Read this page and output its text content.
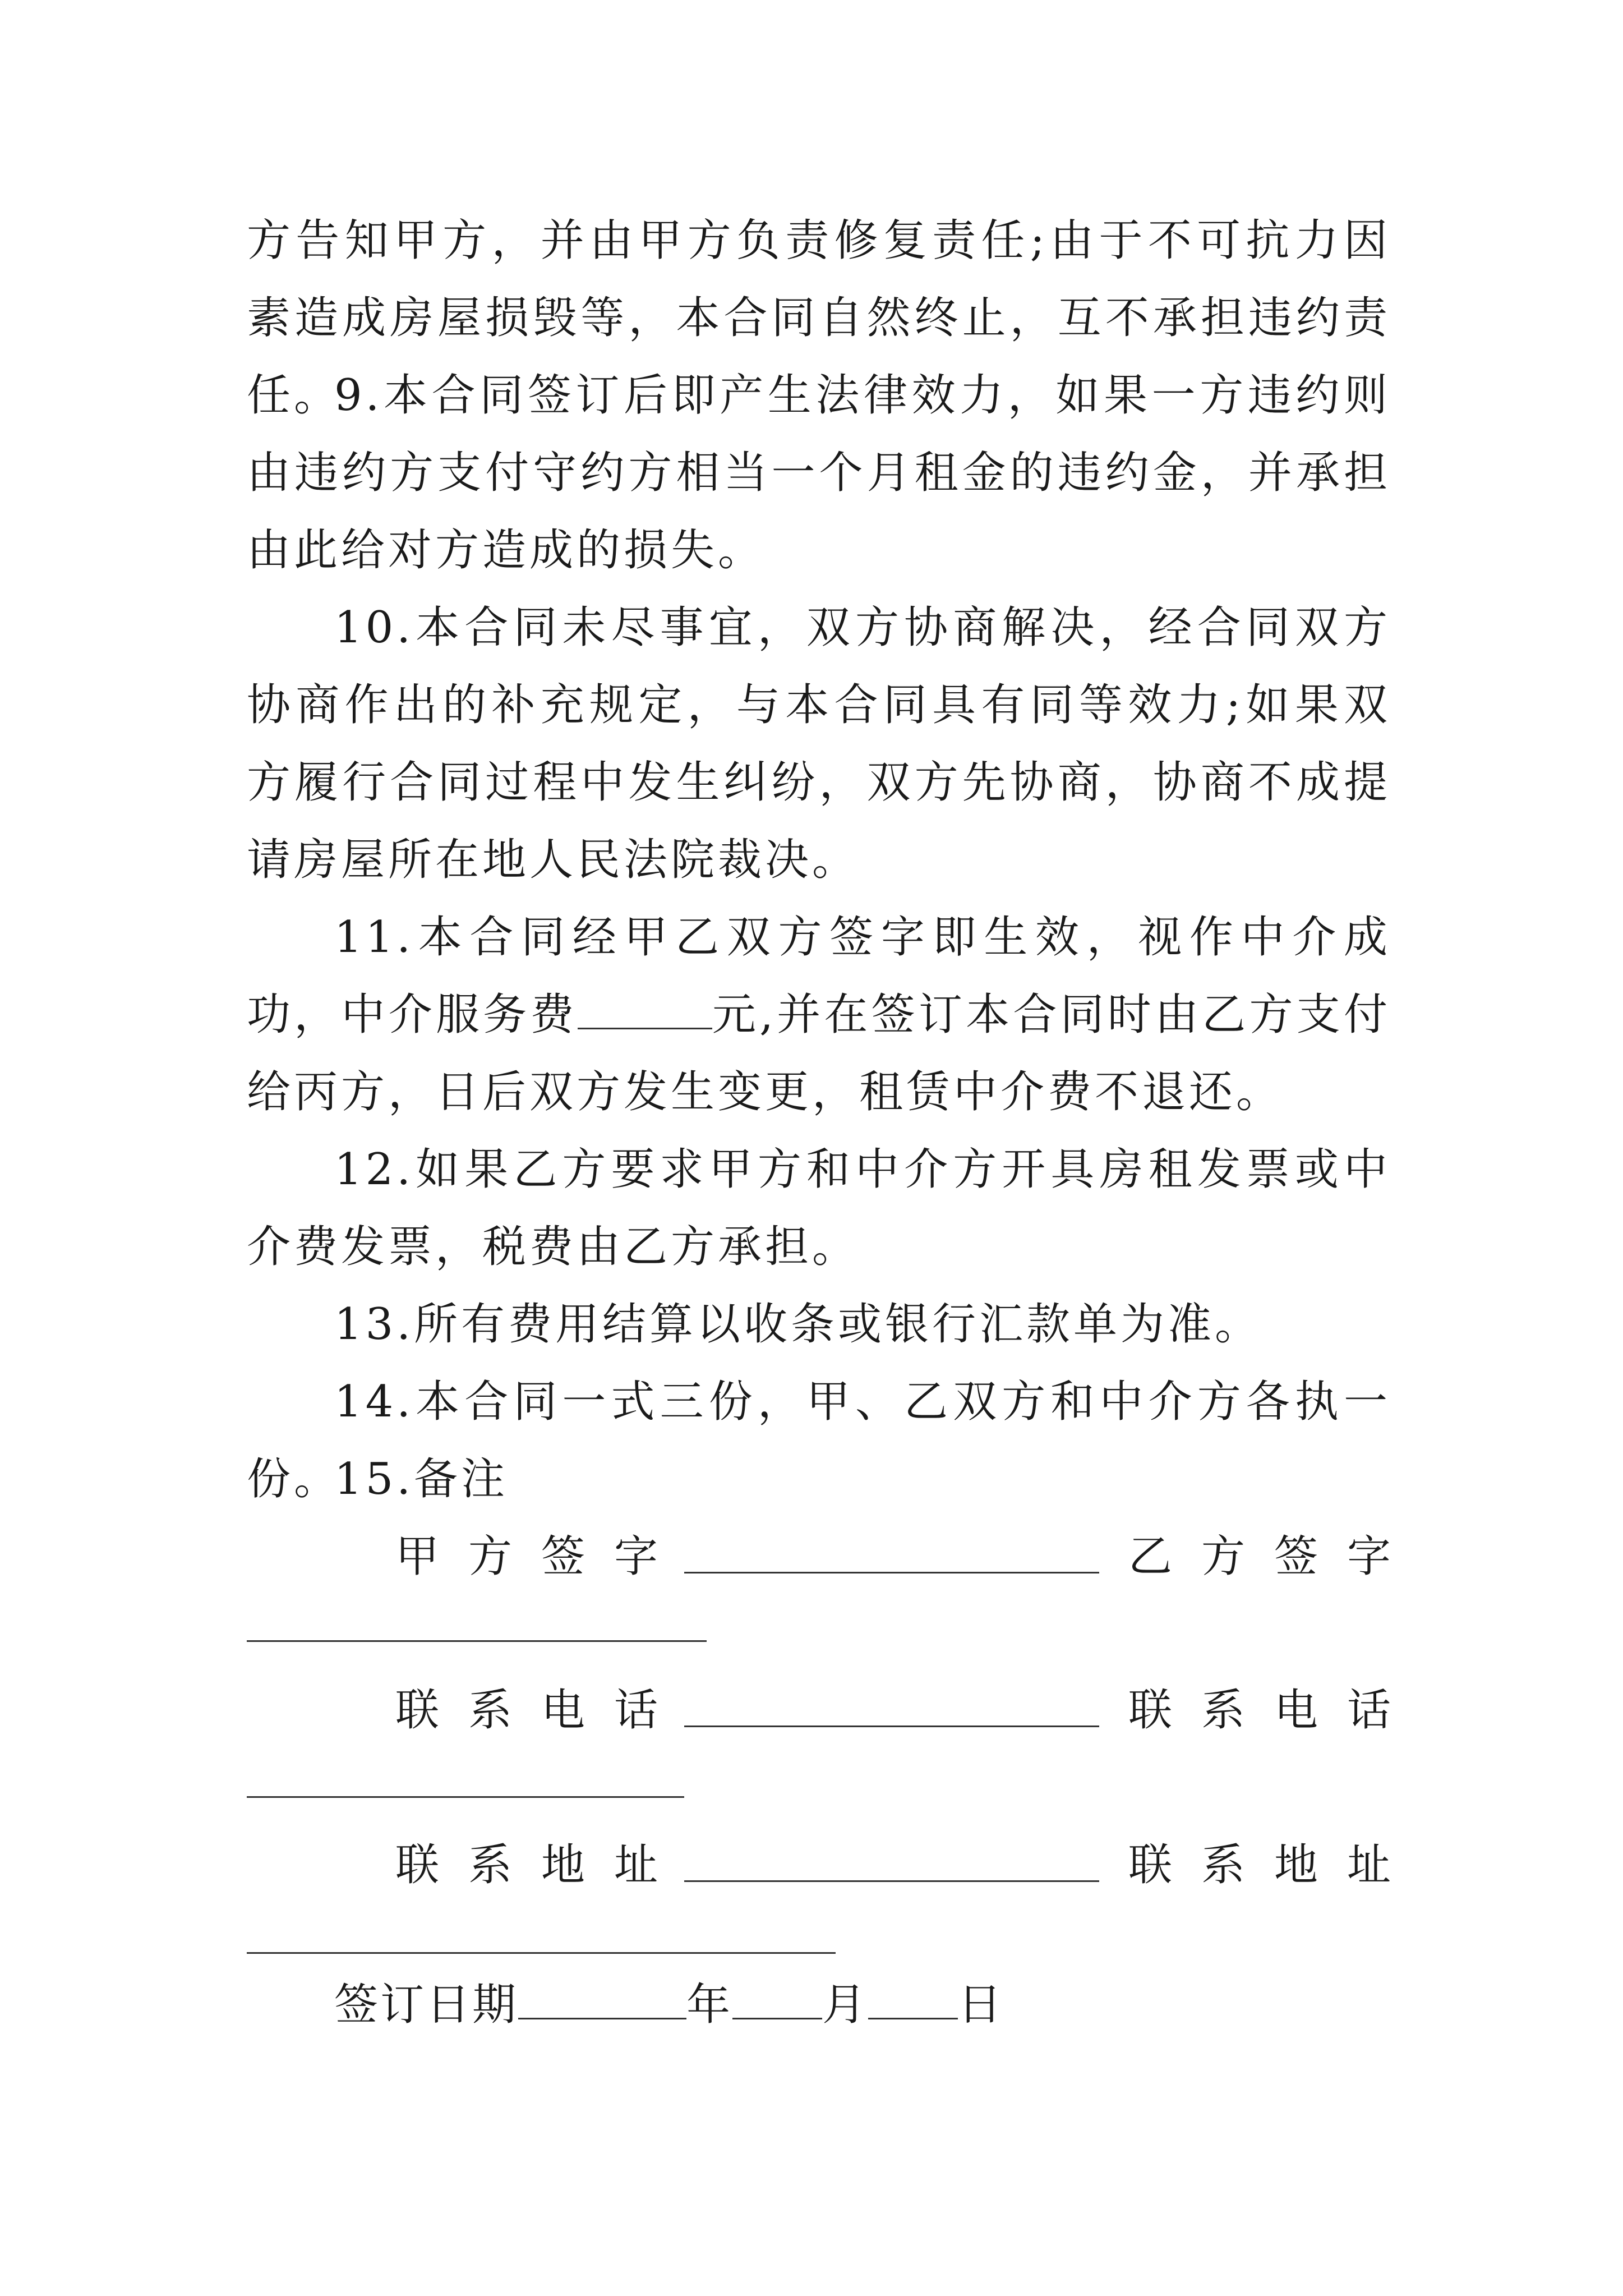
方告知甲方，并由甲方负责修复责任;由于不可抗力因素造成房屋损毁等，本合同自然终止，互不承担违约责任。

9.本合同签订后即产生法律效力，如果一方违约则由违约方支付守约方相当一个月租金的违约金，并承担由此给对方造成的损失。

10.本合同未尽事宜，双方协商解决，经合同双方协商作出的补充规定，与本合同具有同等效力;如果双方履行合同过程中发生纠纷，双方先协商，协商不成提请房屋所在地人民法院裁决。

11.本合同经甲乙双方签字即生效，视作中介成功，中介服务费	元,并在签订本合同时由乙方支付给丙方，日后双方发生变更，租赁中介费不退还。

12.如果乙方要求甲方和中介方开具房租发票或中介费发票，税费由乙方承担。

13.所有费用结算以收条或银行汇款单为准。

14.本合同一式三份，甲、乙双方和中介方各执一份。

15.备注

甲方签字	乙方签字
联系电话	联系电话
联系地址	联系地址
签订日期	年 月 日
